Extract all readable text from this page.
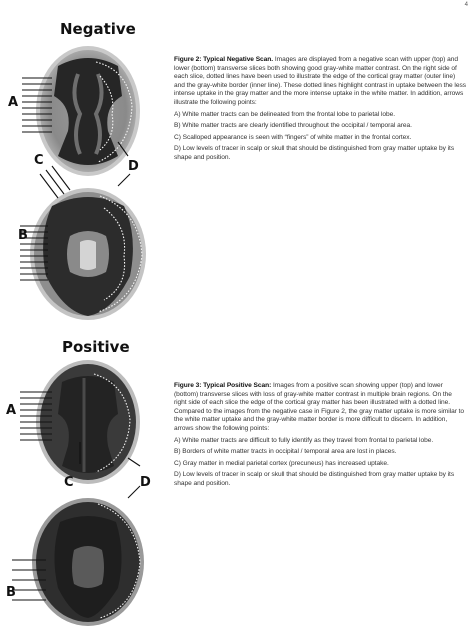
4
Negative
A
B
C	D

Figure 2: Typical Negative Scan. Images are displayed from a negative scan with upper (top) and lower (bottom) transverse slices both showing good gray-white matter contrast. On the right side of each slice, dotted lines have been used to illustrate the edge of the cortical gray matter (outer line) and the gray-white border (inner line). These dotted lines highlight contrast in uptake between the less intense uptake in the gray matter and the more intense uptake in the white matter. In addition, arrows illustrate the following points:

A) White matter tracts can be delineated from the frontal lobe to parietal lobe.

B) White matter tracts are clearly identified throughout the occipital / temporal area.

C) Scalloped appearance is seen with “fingers” of white matter in the frontal cortex.

D) Low levels of tracer in scalp or skull that should be distinguished from gray matter uptake by its shape and position.

Positive
A
B
C	D

Figure 3: Typical Positive Scan: Images from a positive scan showing upper (top) and lower (bottom) transverse slices with loss of gray-white matter contrast in multiple brain regions. On the right side of each slice the edge of the cortical gray matter has been illustrated with a dotted line. Compared to the images from the negative case in Figure 2, the gray matter uptake is more similar to the white matter uptake and the gray-white matter border is more difficult to discern. In addition, arrows show the following points:

A) White matter tracts are difficult to fully identify as they travel from frontal to parietal lobe.

B) Borders of white matter tracts in occipital / temporal area are lost in places.

C) Gray matter in medial parietal cortex (precuneus) has increased uptake.

D) Low levels of tracer in scalp or skull that should be distinguished from gray matter uptake by its shape and position.
